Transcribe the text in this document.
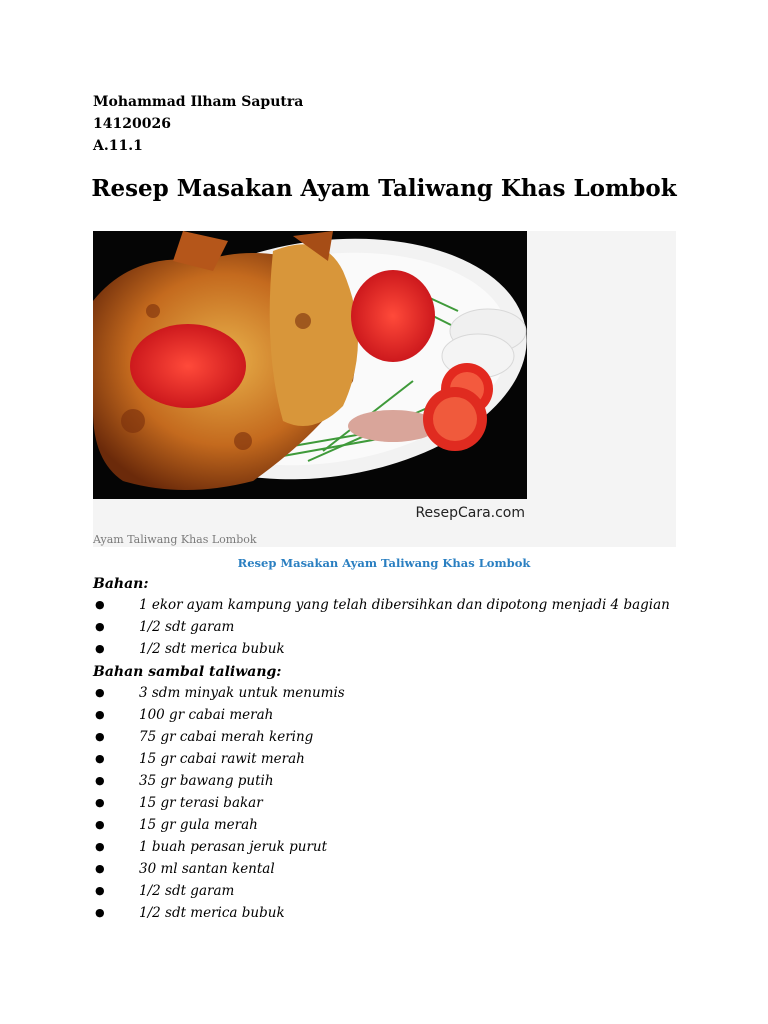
Mohammad Ilham Saputra
14120026
A.11.1
Resep Masakan Ayam Taliwang Khas Lombok
ResepCara.com
Ayam Taliwang Khas Lombok
Resep Masakan Ayam Taliwang Khas Lombok
Bahan:
●	1 ekor ayam kampung yang telah dibersihkan dan dipotong menjadi 4 bagian
●	1/2 sdt garam
●	1/2 sdt merica bubuk
Bahan sambal taliwang:
●	3 sdm minyak untuk menumis
●	100 gr cabai merah
●	75 gr cabai merah kering
●	15 gr cabai rawit merah
●	35 gr bawang putih
●	15 gr terasi bakar
●	15 gr gula merah
●	1 buah perasan jeruk purut
●	30 ml santan kental
●	1/2 sdt garam
●	1/2 sdt merica bubuk
